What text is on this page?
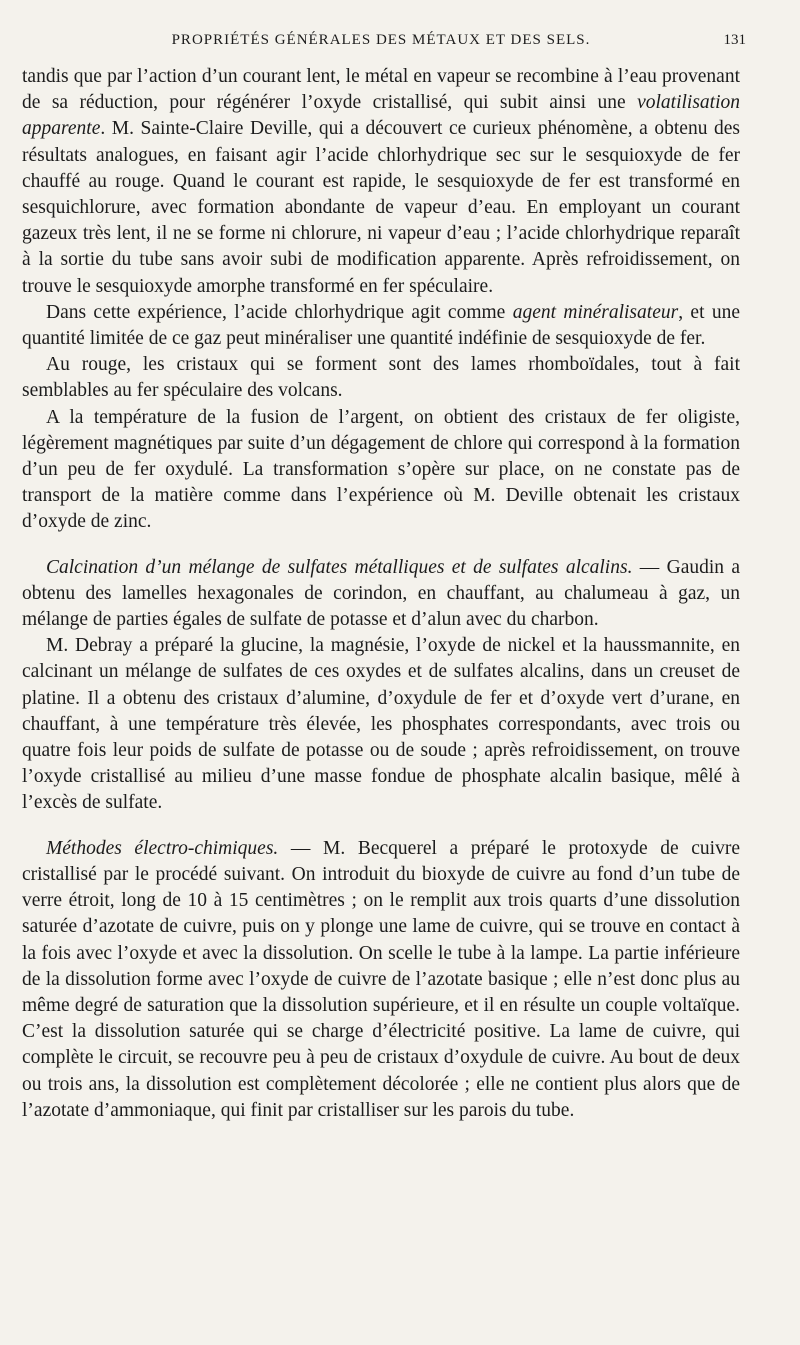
PROPRIÉTÉS GÉNÉRALES DES MÉTAUX ET DES SELS.	131

tandis que par l’action d’un courant lent, le métal en vapeur se recombine à l’eau provenant de sa réduction, pour régénérer l’oxyde cristallisé, qui subit ainsi une volatilisation apparente. M. Sainte-Claire Deville, qui a découvert ce curieux phénomène, a obtenu des résultats analogues, en faisant agir l’acide chlorhydrique sec sur le sesquioxyde de fer chauffé au rouge. Quand le courant est rapide, le sesquioxyde de fer est transformé en sesquichlorure, avec formation abondante de vapeur d’eau. En employant un courant gazeux très lent, il ne se forme ni chlorure, ni vapeur d’eau ; l’acide chlorhydrique reparaît à la sortie du tube sans avoir subi de modification apparente. Après refroidissement, on trouve le sesquioxyde amorphe transformé en fer spéculaire.

Dans cette expérience, l’acide chlorhydrique agit comme agent minéralisateur, et une quantité limitée de ce gaz peut minéraliser une quantité indéfinie de sesquioxyde de fer.

Au rouge, les cristaux qui se forment sont des lames rhomboïdales, tout à fait semblables au fer spéculaire des volcans.

A la température de la fusion de l’argent, on obtient des cristaux de fer oligiste, légèrement magnétiques par suite d’un dégagement de chlore qui correspond à la formation d’un peu de fer oxydulé. La transformation s’opère sur place, on ne constate pas de transport de la matière comme dans l’expérience où M. Deville obtenait les cristaux d’oxyde de zinc.

Calcination d’un mélange de sulfates métalliques et de sulfates alcalins. — Gaudin a obtenu des lamelles hexagonales de corindon, en chauffant, au chalumeau à gaz, un mélange de parties égales de sulfate de potasse et d’alun avec du charbon.

M. Debray a préparé la glucine, la magnésie, l’oxyde de nickel et la haussmannite, en calcinant un mélange de sulfates de ces oxydes et de sulfates alcalins, dans un creuset de platine. Il a obtenu des cristaux d’alumine, d’oxydule de fer et d’oxyde vert d’urane, en chauffant, à une température très élevée, les phosphates correspondants, avec trois ou quatre fois leur poids de sulfate de potasse ou de soude ; après refroidissement, on trouve l’oxyde cristallisé au milieu d’une masse fondue de phosphate alcalin basique, mêlé à l’excès de sulfate.

Méthodes électro-chimiques. — M. Becquerel a préparé le protoxyde de cuivre cristallisé par le procédé suivant. On introduit du bioxyde de cuivre au fond d’un tube de verre étroit, long de 10 à 15 centimètres ; on le remplit aux trois quarts d’une dissolution saturée d’azotate de cuivre, puis on y plonge une lame de cuivre, qui se trouve en contact à la fois avec l’oxyde et avec la dissolution. On scelle le tube à la lampe. La partie inférieure de la dissolution forme avec l’oxyde de cuivre de l’azotate basique ; elle n’est donc plus au même degré de saturation que la dissolution supérieure, et il en résulte un couple voltaïque. C’est la dissolution saturée qui se charge d’électricité positive. La lame de cuivre, qui complète le circuit, se recouvre peu à peu de cristaux d’oxydule de cuivre. Au bout de deux ou trois ans, la dissolution est complètement décolorée ; elle ne contient plus alors que de l’azotate d’ammoniaque, qui finit par cristalliser sur les parois du tube.
